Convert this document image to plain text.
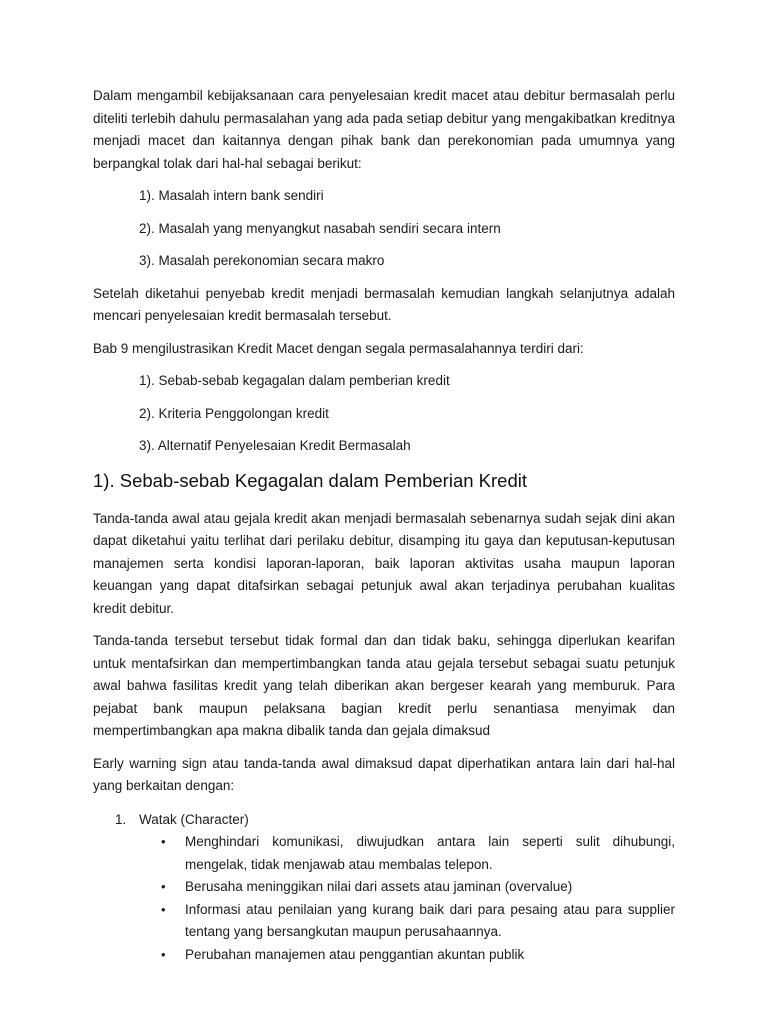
Dalam mengambil kebijaksanaan cara penyelesaian kredit macet atau debitur bermasalah perlu diteliti terlebih dahulu permasalahan yang ada pada setiap debitur yang mengakibatkan kreditnya menjadi macet dan kaitannya dengan pihak bank dan perekonomian pada umumnya yang berpangkal tolak dari hal-hal sebagai berikut:

1). Masalah intern bank sendiri

2). Masalah yang menyangkut nasabah sendiri secara intern

3). Masalah perekonomian secara makro

Setelah diketahui penyebab kredit menjadi bermasalah kemudian langkah selanjutnya adalah mencari penyelesaian kredit bermasalah tersebut.

Bab 9 mengilustrasikan Kredit Macet dengan segala permasalahannya terdiri dari:

1). Sebab-sebab kegagalan dalam pemberian kredit

2). Kriteria Penggolongan kredit

3). Alternatif Penyelesaian Kredit Bermasalah

1). Sebab-sebab Kegagalan dalam Pemberian Kredit

Tanda-tanda awal atau gejala kredit akan menjadi bermasalah sebenarnya sudah sejak dini akan dapat diketahui yaitu terlihat dari perilaku debitur, disamping itu gaya dan keputusan-keputusan manajemen serta kondisi laporan-laporan, baik laporan aktivitas usaha maupun laporan keuangan yang dapat ditafsirkan sebagai petunjuk awal akan terjadinya perubahan kualitas kredit debitur.

Tanda-tanda tersebut tersebut tidak formal dan dan tidak baku, sehingga diperlukan kearifan untuk mentafsirkan dan mempertimbangkan tanda atau gejala tersebut sebagai suatu petunjuk awal bahwa fasilitas kredit yang telah diberikan akan bergeser kearah yang memburuk. Para pejabat bank maupun pelaksana bagian kredit perlu senantiasa menyimak dan mempertimbangkan apa makna dibalik tanda dan gejala dimaksud

Early warning sign atau tanda-tanda awal dimaksud dapat diperhatikan antara lain dari hal-hal yang berkaitan dengan:

1. Watak (Character)

•	Menghindari komunikasi, diwujudkan antara lain seperti sulit dihubungi, mengelak, tidak menjawab atau membalas telepon.

•	Berusaha meninggikan nilai dari assets atau jaminan (overvalue)

•	Informasi atau penilaian yang kurang baik dari para pesaing atau para supplier tentang yang bersangkutan maupun perusahaannya.

•	Perubahan manajemen atau penggantian akuntan publik
